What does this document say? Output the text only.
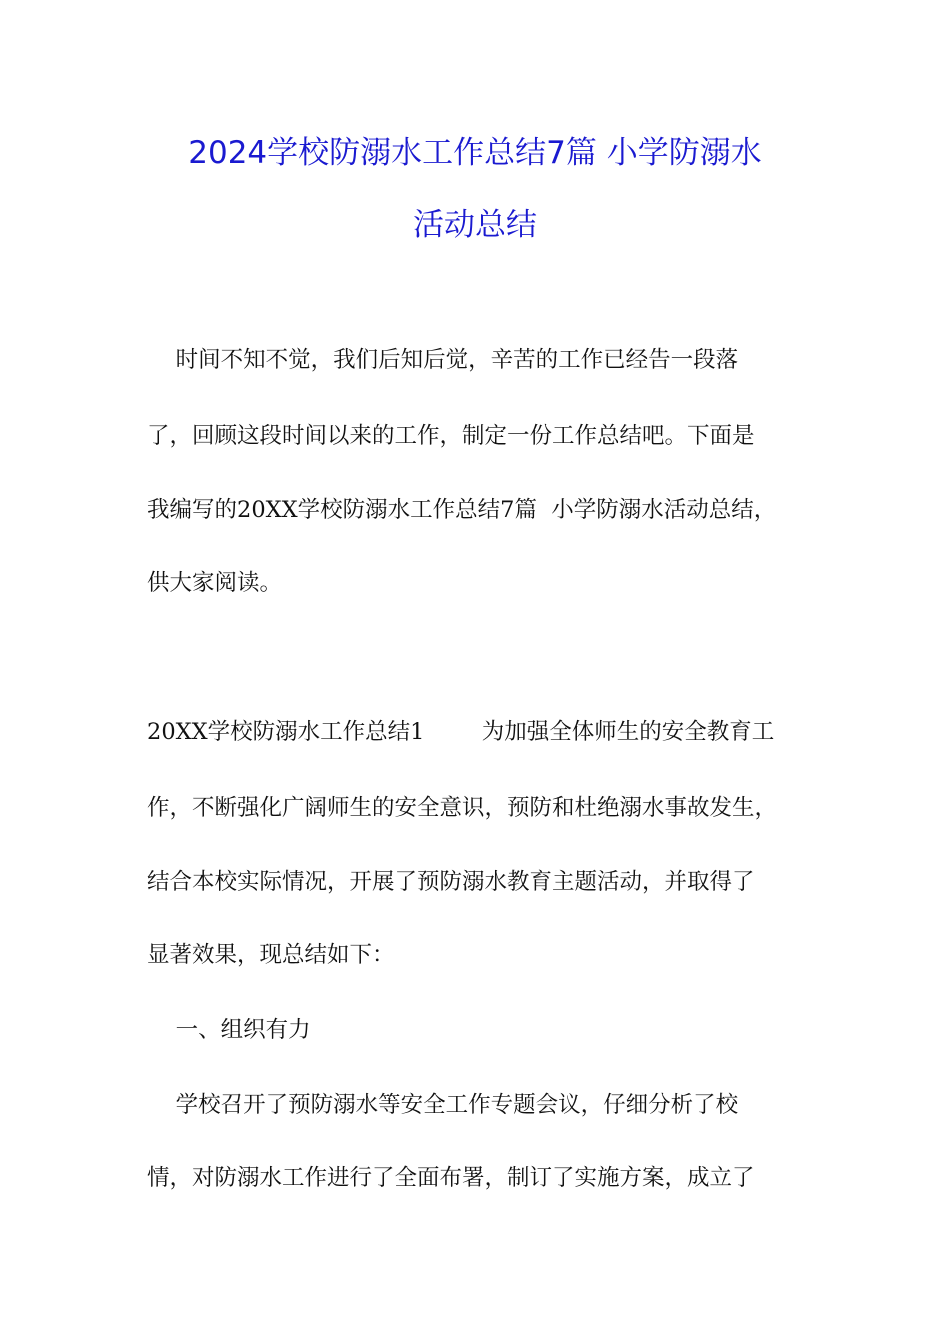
2024学校防溺水工作总结7篇 小学防溺水
活动总结
时间不知不觉，我们后知后觉，辛苦的工作已经告一段落
了，回顾这段时间以来的工作，制定一份工作总结吧。下面是
我编写的20XX学校防溺水工作总结7篇  小学防溺水活动总结，
供大家阅读。
20XX学校防溺水工作总结1        为加强全体师生的安全教育工
作，不断强化广阔师生的安全意识，预防和杜绝溺水事故发生，
结合本校实际情况，开展了预防溺水教育主题活动，并取得了
显著效果，现总结如下：
一、组织有力
学校召开了预防溺水等安全工作专题会议，仔细分析了校
情，对防溺水工作进行了全面布署，制订了实施方案，成立了
